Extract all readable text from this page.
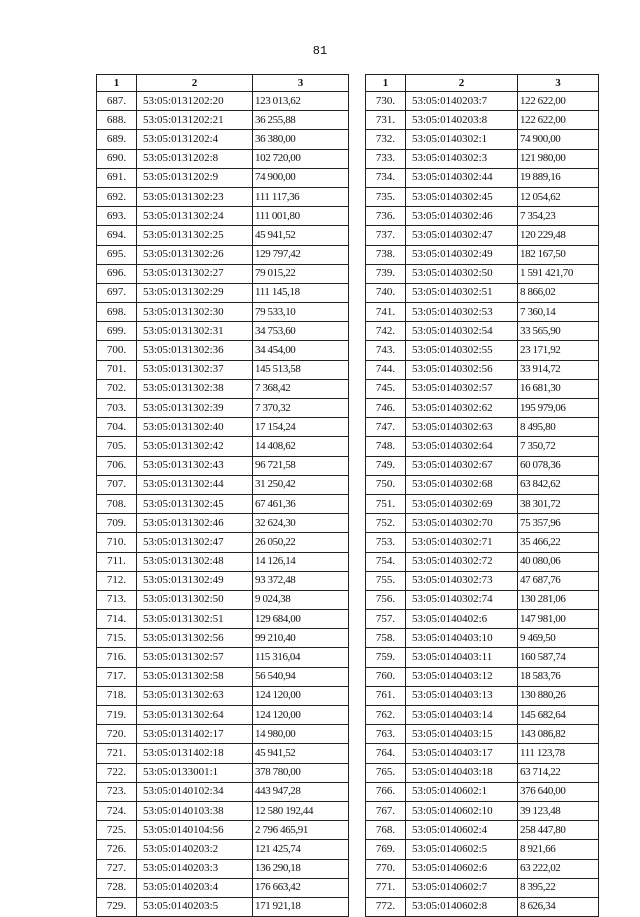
81
1	2	3
687.	53:05:0131202:20	123 013,62
688.	53:05:0131202:21	36 255,88
689.	53:05:0131202:4	36 380,00
690.	53:05:0131202:8	102 720,00
691.	53:05:0131202:9	74 900,00
692.	53:05:0131302:23	111 117,36
693.	53:05:0131302:24	111 001,80
694.	53:05:0131302:25	45 941,52
695.	53:05:0131302:26	129 797,42
696.	53:05:0131302:27	79 015,22
697.	53:05:0131302:29	111 145,18
698.	53:05:0131302:30	79 533,10
699.	53:05:0131302:31	34 753,60
700.	53:05:0131302:36	34 454,00
701.	53:05:0131302:37	145 513,58
702.	53:05:0131302:38	7 368,42
703.	53:05:0131302:39	7 370,32
704.	53:05:0131302:40	17 154,24
705.	53:05:0131302:42	14 408,62
706.	53:05:0131302:43	96 721,58
707.	53:05:0131302:44	31 250,42
708.	53:05:0131302:45	67 461,36
709.	53:05:0131302:46	32 624,30
710.	53:05:0131302:47	26 050,22
711.	53:05:0131302:48	14 126,14
712.	53:05:0131302:49	93 372,48
713.	53:05:0131302:50	9 024,38
714.	53:05:0131302:51	129 684,00
715.	53:05:0131302:56	99 210,40
716.	53:05:0131302:57	115 316,04
717.	53:05:0131302:58	56 540,94
718.	53:05:0131302:63	124 120,00
719.	53:05:0131302:64	124 120,00
720.	53:05:0131402:17	14 980,00
721.	53:05:0131402:18	45 941,52
722.	53:05:0133001:1	378 780,00
723.	53:05:0140102:34	443 947,28
724.	53:05:0140103:38	12 580 192,44
725.	53:05:0140104:56	2 796 465,91
726.	53:05:0140203:2	121 425,74
727.	53:05:0140203:3	136 290,18
728.	53:05:0140203:4	176 663,42
729.	53:05:0140203:5	171 921,18
1	2	3
730.	53:05:0140203:7	122 622,00
731.	53:05:0140203:8	122 622,00
732.	53:05:0140302:1	74 900,00
733.	53:05:0140302:3	121 980,00
734.	53:05:0140302:44	19 889,16
735.	53:05:0140302:45	12 054,62
736.	53:05:0140302:46	7 354,23
737.	53:05:0140302:47	120 229,48
738.	53:05:0140302:49	182 167,50
739.	53:05:0140302:50	1 591 421,70
740.	53:05:0140302:51	8 866,02
741.	53:05:0140302:53	7 360,14
742.	53:05:0140302:54	33 565,90
743.	53:05:0140302:55	23 171,92
744.	53:05:0140302:56	33 914,72
745.	53:05:0140302:57	16 681,30
746.	53:05:0140302:62	195 979,06
747.	53:05:0140302:63	8 495,80
748.	53:05:0140302:64	7 350,72
749.	53:05:0140302:67	60 078,36
750.	53:05:0140302:68	63 842,62
751.	53:05:0140302:69	38 301,72
752.	53:05:0140302:70	75 357,96
753.	53:05:0140302:71	35 466,22
754.	53:05:0140302:72	40 080,06
755.	53:05:0140302:73	47 687,76
756.	53:05:0140302:74	130 281,06
757.	53:05:0140402:6	147 981,00
758.	53:05:0140403:10	9 469,50
759.	53:05:0140403:11	160 587,74
760.	53:05:0140403:12	18 583,76
761.	53:05:0140403:13	130 880,26
762.	53:05:0140403:14	145 682,64
763.	53:05:0140403:15	143 086,82
764.	53:05:0140403:17	111 123,78
765.	53:05:0140403:18	63 714,22
766.	53:05:0140602:1	376 640,00
767.	53:05:0140602:10	39 123,48
768.	53:05:0140602:4	258 447,80
769.	53:05:0140602:5	8 921,66
770.	53:05:0140602:6	63 222,02
771.	53:05:0140602:7	8 395,22
772.	53:05:0140602:8	8 626,34
